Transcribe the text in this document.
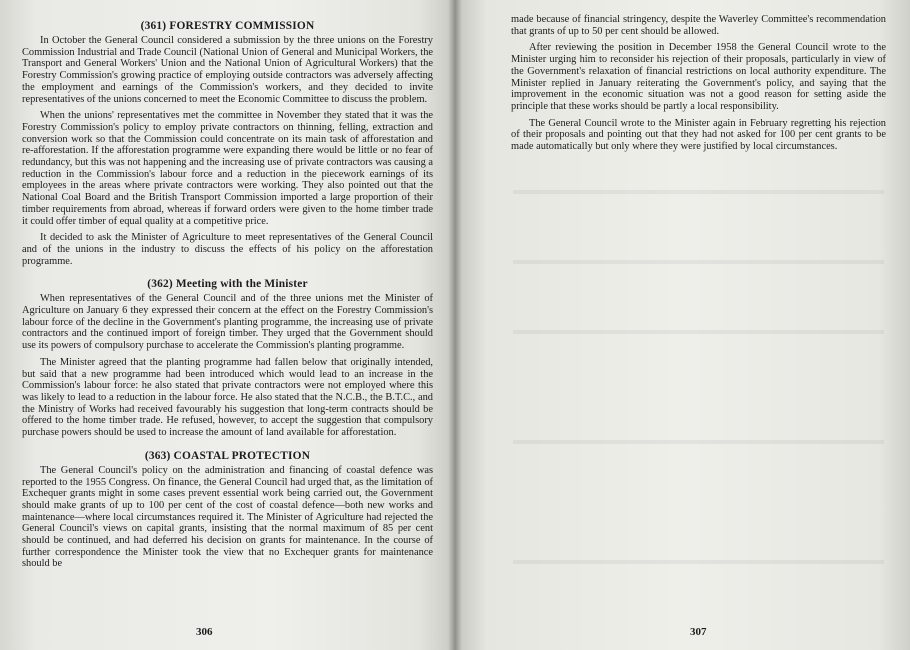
(361) FORESTRY COMMISSION

In October the General Council considered a submission by the three unions on the Forestry Commission Industrial and Trade Council (National Union of General and Municipal Workers, the Transport and General Workers' Union and the National Union of Agricultural Workers) that the Forestry Commission's growing practice of employing outside contractors was adversely affecting the employment and earnings of the Commission's workers, and they decided to invite representatives of the unions concerned to meet the Economic Committee to discuss the problem.

When the unions' representatives met the committee in November they stated that it was the Forestry Commission's policy to employ private contractors on thinning, felling, extraction and conversion work so that the Commission could concentrate on its main task of afforestation and re-afforestation. If the afforestation programme were expanding there would be little or no fear of redundancy, but this was not happening and the increasing use of private contractors was causing a reduction in the Commission's labour force and a reduction in the piecework earnings of its employees in the areas where private contractors were working. They also pointed out that the National Coal Board and the British Transport Commission imported a large proportion of their timber requirements from abroad, whereas if forward orders were given to the home timber trade it could offer timber of equal quality at a competitive price.

It decided to ask the Minister of Agriculture to meet representatives of the General Council and of the unions in the industry to discuss the effects of his policy on the afforestation programme.

(362) Meeting with the Minister

When representatives of the General Council and of the three unions met the Minister of Agriculture on January 6 they expressed their concern at the effect on the Forestry Commission's labour force of the decline in the Government's planting programme, the increasing use of private contractors and the continued import of foreign timber. They urged that the Government should use its powers of compulsory purchase to accelerate the Commission's planting programme.

The Minister agreed that the planting programme had fallen below that originally intended, but said that a new programme had been introduced which would lead to an increase in the Commission's labour force: he also stated that private contractors were not employed where this was likely to lead to a reduction in the labour force. He also stated that the N.C.B., the B.T.C., and the Ministry of Works had received favourably his suggestion that long-term contracts should be offered to the home timber trade. He refused, however, to accept the suggestion that compulsory purchase powers should be used to increase the amount of land available for afforestation.

(363) COASTAL PROTECTION

The General Council's policy on the administration and financing of coastal defence was reported to the 1955 Congress. On finance, the General Council had urged that, as the limitation of Exchequer grants might in some cases prevent essential work being carried out, the Government should make grants of up to 100 per cent of the cost of coastal defence—both new works and maintenance—where local circumstances required it. The Minister of Agriculture had rejected the General Council's views on capital grants, insisting that the normal maximum of 85 per cent should be continued, and had deferred his decision on grants for maintenance. In the course of further correspondence the Minister took the view that no Exchequer grants for maintenance should be

306

made because of financial stringency, despite the Waverley Committee's recommendation that grants of up to 50 per cent should be allowed.

After reviewing the position in December 1958 the General Council wrote to the Minister urging him to reconsider his rejection of their proposals, particularly in view of the Government's relaxation of financial restrictions on local authority expenditure. The Minister replied in January reiterating the Government's policy, and saying that the improvement in the economic situation was not a good reason for setting aside the principle that these works should be partly a local responsibility.

The General Council wrote to the Minister again in February regretting his rejection of their proposals and pointing out that they had not asked for 100 per cent grants to be made automatically but only where they were justified by local circumstances.

307
